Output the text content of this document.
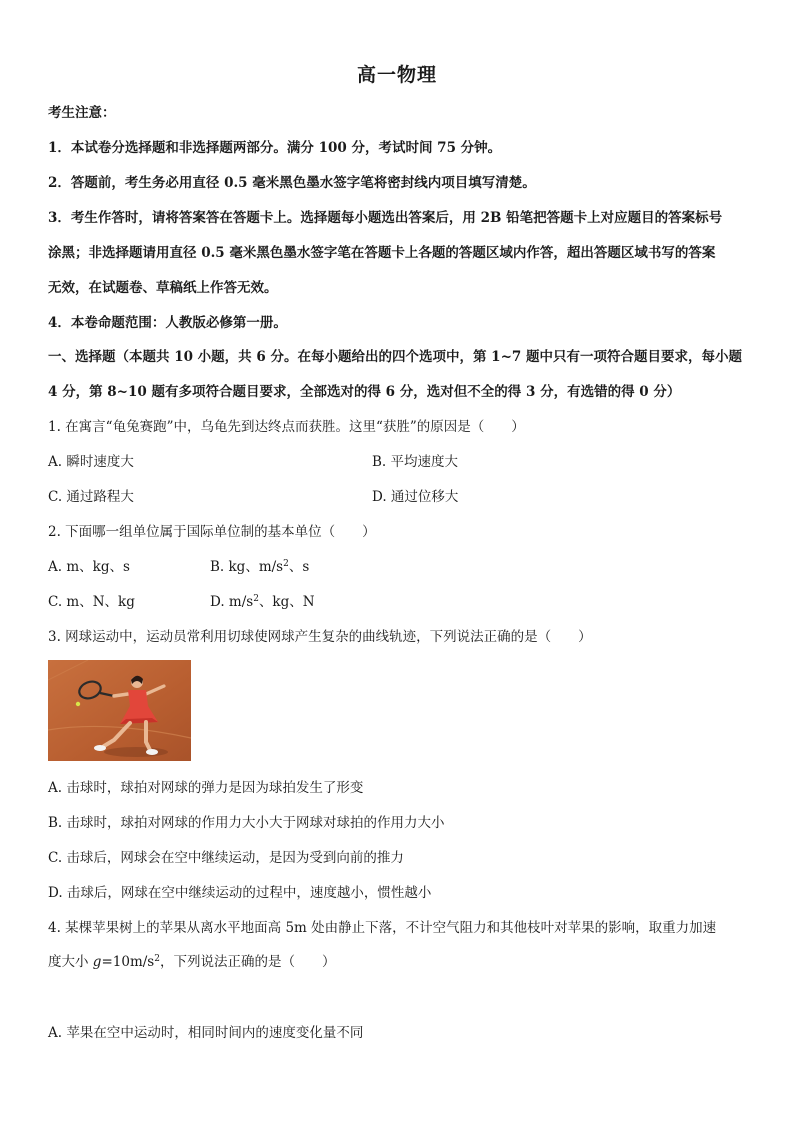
高一物理
考生注意：
1．本试卷分选择题和非选择题两部分。满分 100 分，考试时间 75 分钟。
2．答题前，考生务必用直径 0.5 毫米黑色墨水签字笔将密封线内项目填写清楚。
3．考生作答时，请将答案答在答题卡上。选择题每小题选出答案后，用 2B 铅笔把答题卡上对应题目的答案标号
涂黑；非选择题请用直径 0.5 毫米黑色墨水签字笔在答题卡上各题的答题区域内作答，超出答题区域书写的答案
无效，在试题卷、草稿纸上作答无效。
4．本卷命题范围：人教版必修第一册。
一、选择题（本题共 10 小题，共 6 分。在每小题给出的四个选项中，第 1~7 题中只有一项符合题目要求，每小题
4 分，第 8~10 题有多项符合题目要求，全部选对的得 6 分，选对但不全的得 3 分，有选错的得 0 分）
1. 在寓言“龟兔赛跑”中，乌龟先到达终点而获胜。这里“获胜”的原因是（　　）
A. 瞬时速度大	B. 平均速度大
C. 通过路程大	D. 通过位移大
2. 下面哪一组单位属于国际单位制的基本单位（　　）
A. m、kg、s	B. kg、$m/s^2$、s
C. m、N、kg	D. $m/s^2$、kg、N
3. 网球运动中，运动员常利用切球使网球产生复杂的曲线轨迹，下列说法正确的是（　　）
A. 击球时，球拍对网球的弹力是因为球拍发生了形变
B. 击球时，球拍对网球的作用力大小大于网球对球拍的作用力大小
C. 击球后，网球会在空中继续运动，是因为受到向前的推力
D. 击球后，网球在空中继续运动的过程中，速度越小，惯性越小
4. 某棵苹果树上的苹果从离水平地面高 5m 处由静止下落，不计空气阻力和其他枝叶对苹果的影响，取重力加速
度大小 $g=10m/s^2$，下列说法正确的是（　　）
A. 苹果在空中运动时，相同时间内的速度变化量不同
